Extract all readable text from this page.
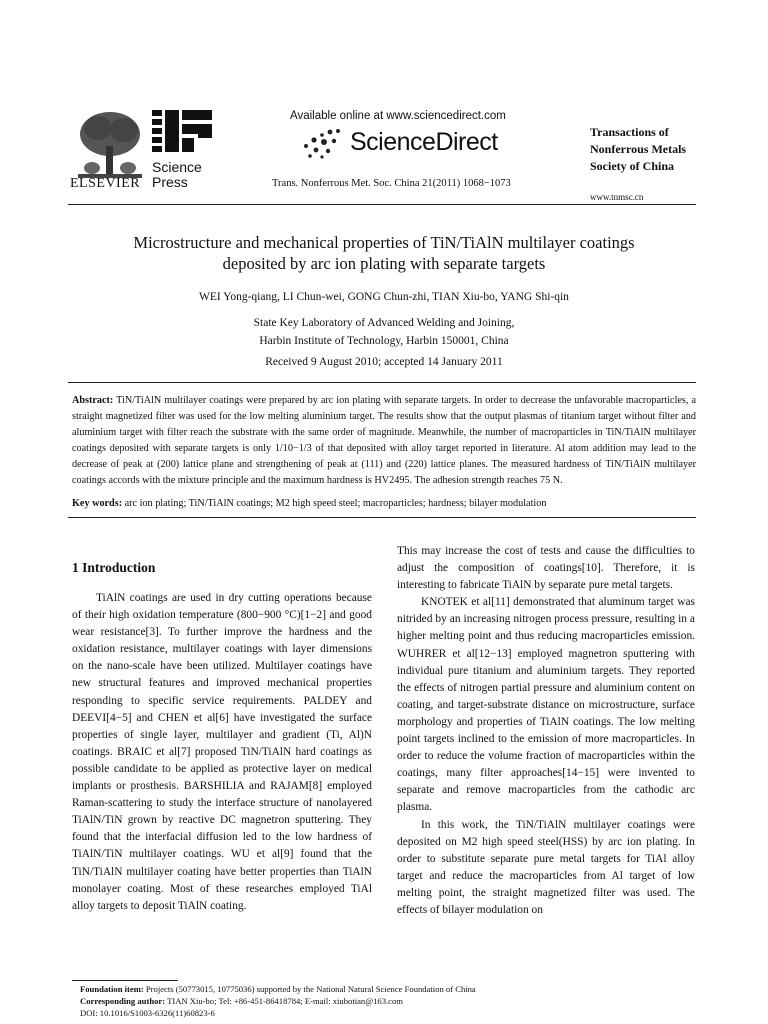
ELSEVIER
Science
Press
Available online at www.sciencedirect.com
ScienceDirect
Trans. Nonferrous Met. Soc. China 21(2011) 1068−1073
Transactions of
Nonferrous Metals
Society of China
www.tnmsc.cn
Microstructure and mechanical properties of TiN/TiAlN multilayer coatings
deposited by arc ion plating with separate targets
WEI Yong-qiang, LI Chun-wei, GONG Chun-zhi, TIAN Xiu-bo, YANG Shi-qin
State Key Laboratory of Advanced Welding and Joining,
Harbin Institute of Technology, Harbin 150001, China
Received 9 August 2010; accepted 14 January 2011
Abstract: TiN/TiAlN multilayer coatings were prepared by arc ion plating with separate targets. In order to decrease the unfavorable macroparticles, a straight magnetized filter was used for the low melting aluminium target. The results show that the output plasmas of titanium target without filter and aluminium target with filter reach the substrate with the same order of magnitude. Meanwhile, the number of macroparticles in TiN/TiAlN multilayer coatings deposited with separate targets is only 1/10−1/3 of that deposited with alloy target reported in literature. Al atom addition may lead to the decrease of peak at (200) lattice plane and strengthening of peak at (111) and (220) lattice planes. The measured hardness of TiN/TiAlN multilayer coatings accords with the mixture principle and the maximum hardness is HV2495. The adhesion strength reaches 75 N.
Key words: arc ion plating; TiN/TiAlN coatings; M2 high speed steel; macroparticles; hardness; bilayer modulation
1 Introduction

TiAlN coatings are used in dry cutting operations because of their high oxidation temperature (800−900 °C)[1−2] and good wear resistance[3]. To further improve the hardness and the oxidation resistance, multilayer coatings with layer dimensions on the nano-scale have been utilized. Multilayer coatings have new structural features and improved mechanical properties responding to specific service requirements. PALDEY and DEEVI[4−5] and CHEN et al[6] have investigated the surface properties of single layer, multilayer and gradient (Ti, Al)N coatings. BRAIC et al[7] proposed TiN/TiAlN hard coatings as possible candidate to be applied as protective layer on medical implants or prosthesis. BARSHILIA and RAJAM[8] employed Raman-scattering to study the interface structure of nanolayered TiAlN/TiN grown by reactive DC magnetron sputtering. They found that the interfacial diffusion led to the low hardness of TiAlN/TiN multilayer coatings. WU et al[9] found that the TiN/TiAlN multilayer coating have better properties than TiAlN monolayer coating. Most of these researches employed TiAl alloy targets to deposit TiAlN coating.

This may increase the cost of tests and cause the difficulties to adjust the composition of coatings[10]. Therefore, it is interesting to fabricate TiAlN by separate pure metal targets.

KNOTEK et al[11] demonstrated that aluminum target was nitrided by an increasing nitrogen process pressure, resulting in a higher melting point and thus reducing macroparticles emission. WUHRER et al[12−13] employed magnetron sputtering with individual pure titanium and aluminium targets. They reported the effects of nitrogen partial pressure and aluminium content on coating, and target-substrate distance on microstructure, surface morphology and properties of TiAlN coatings. The low melting point targets inclined to the emission of more macroparticles. In order to reduce the volume fraction of macroparticles within the coatings, many filter approaches[14−15] were invented to separate and remove macroparticles from the cathodic arc plasma.

In this work, the TiN/TiAlN multilayer coatings were deposited on M2 high speed steel(HSS) by arc ion plating. In order to substitute separate pure metal targets for TiAl alloy target and reduce the macroparticles from Al target of low melting point, the straight magnetized filter was used. The effects of bilayer modulation on

Foundation item: Projects (50773015, 10775036) supported by the National Natural Science Foundation of China
Corresponding author: TIAN Xiu-bo; Tel: +86-451-86418784; E-mail: xiubotian@163.com
DOI: 10.1016/S1003-6326(11)60823-6
